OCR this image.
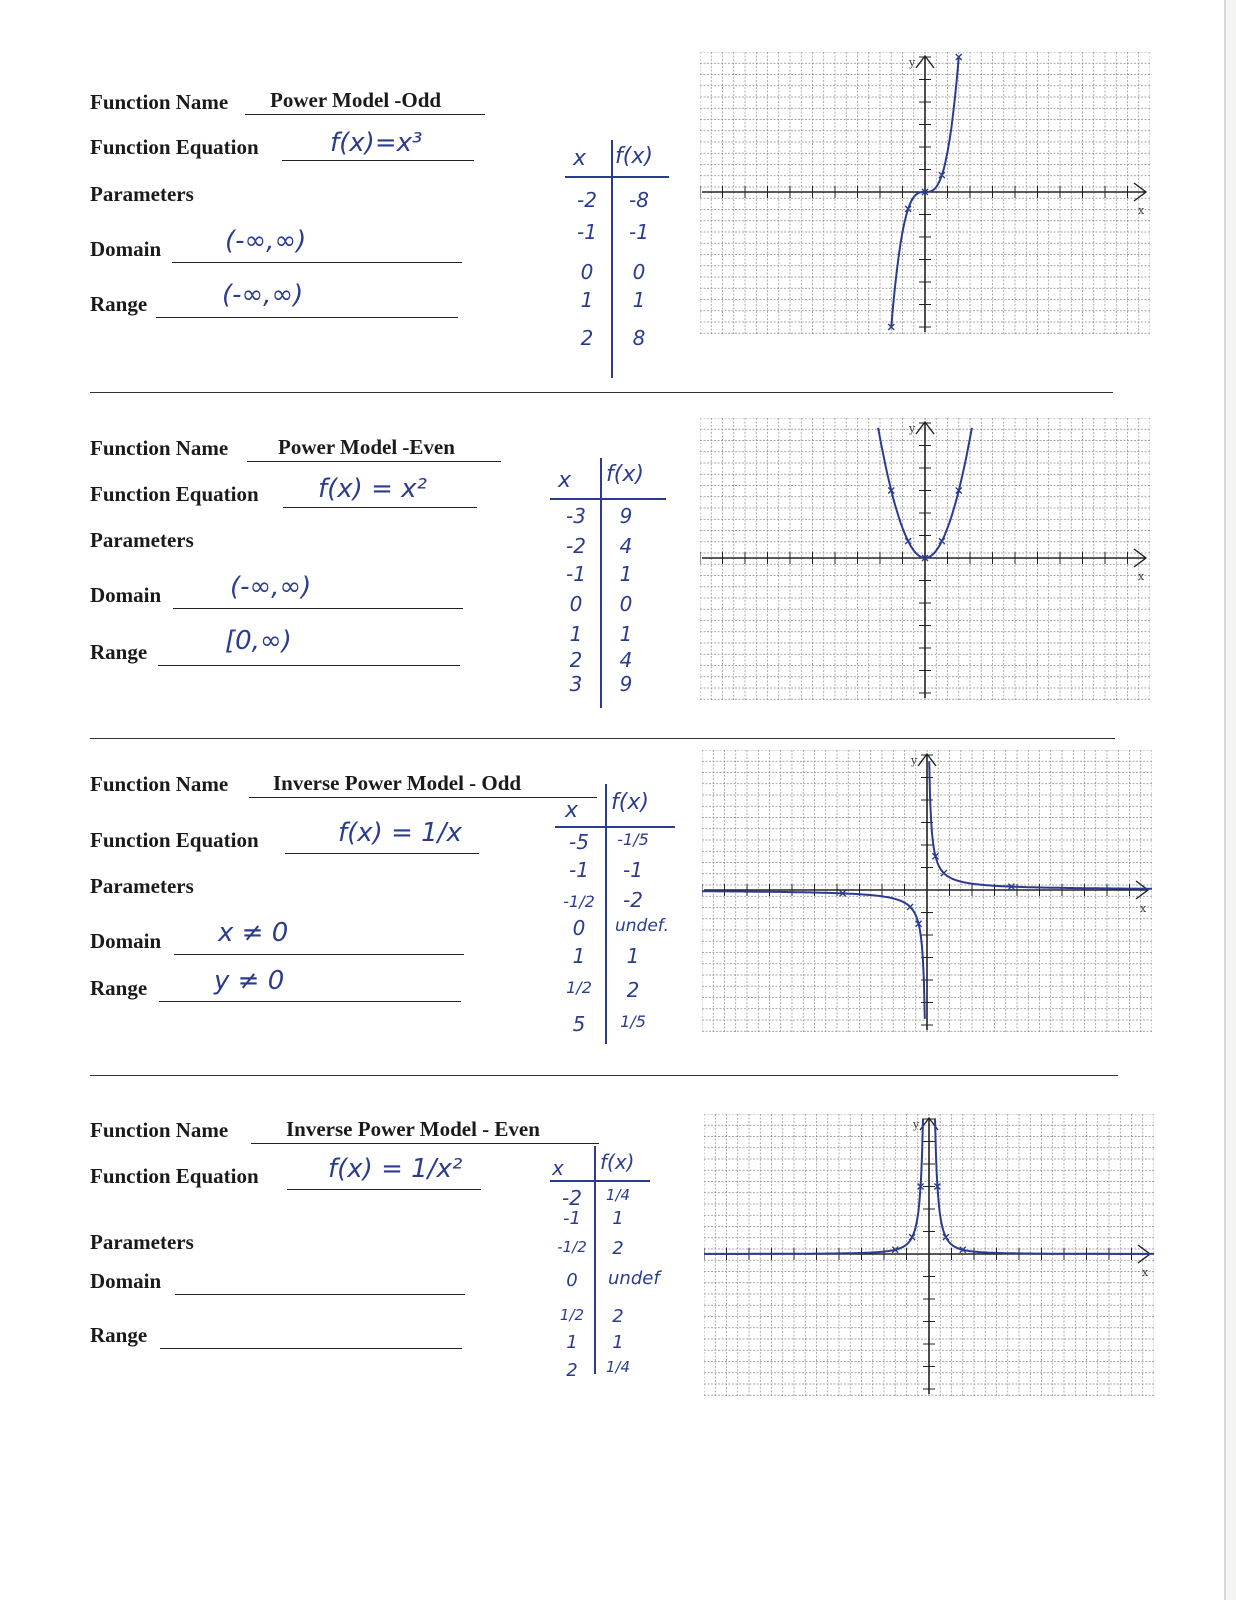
Function Name Power Model -Odd
Function Equation	f(x)=x³
Parameters
Domain (-∞,∞)
Range	(-∞,∞)
x f(x)
-2	-8
-1	-1
0	0
1	1
2	8
x
y
Function Name Power Model -Even
Function Equation f(x) = x²
Parameters
Domain	(-∞,∞)
Range	[0,∞)
x f(x)
-3	9
-2	4
-1	1
0	0
1	1
2	4
3	9
x
y
Function Name Inverse Power Model - Odd
Function Equation	f(x) = 1/x
Parameters
Domain x ≠ 0
Range	y ≠ 0
x f(x)
-5	-1/5
-1	-1
-1/2	-2
0	undef.
1	1
1/2	2
5	1/5
x
y
Function Name	Inverse Power Model - Even
Function Equation	f(x) = 1/x²
Parameters
Domain
Range
x f(x)
-2	1/4
-1	1
-1/2	2
0	undef
1/2	2
1	1
2	1/4
x
y
